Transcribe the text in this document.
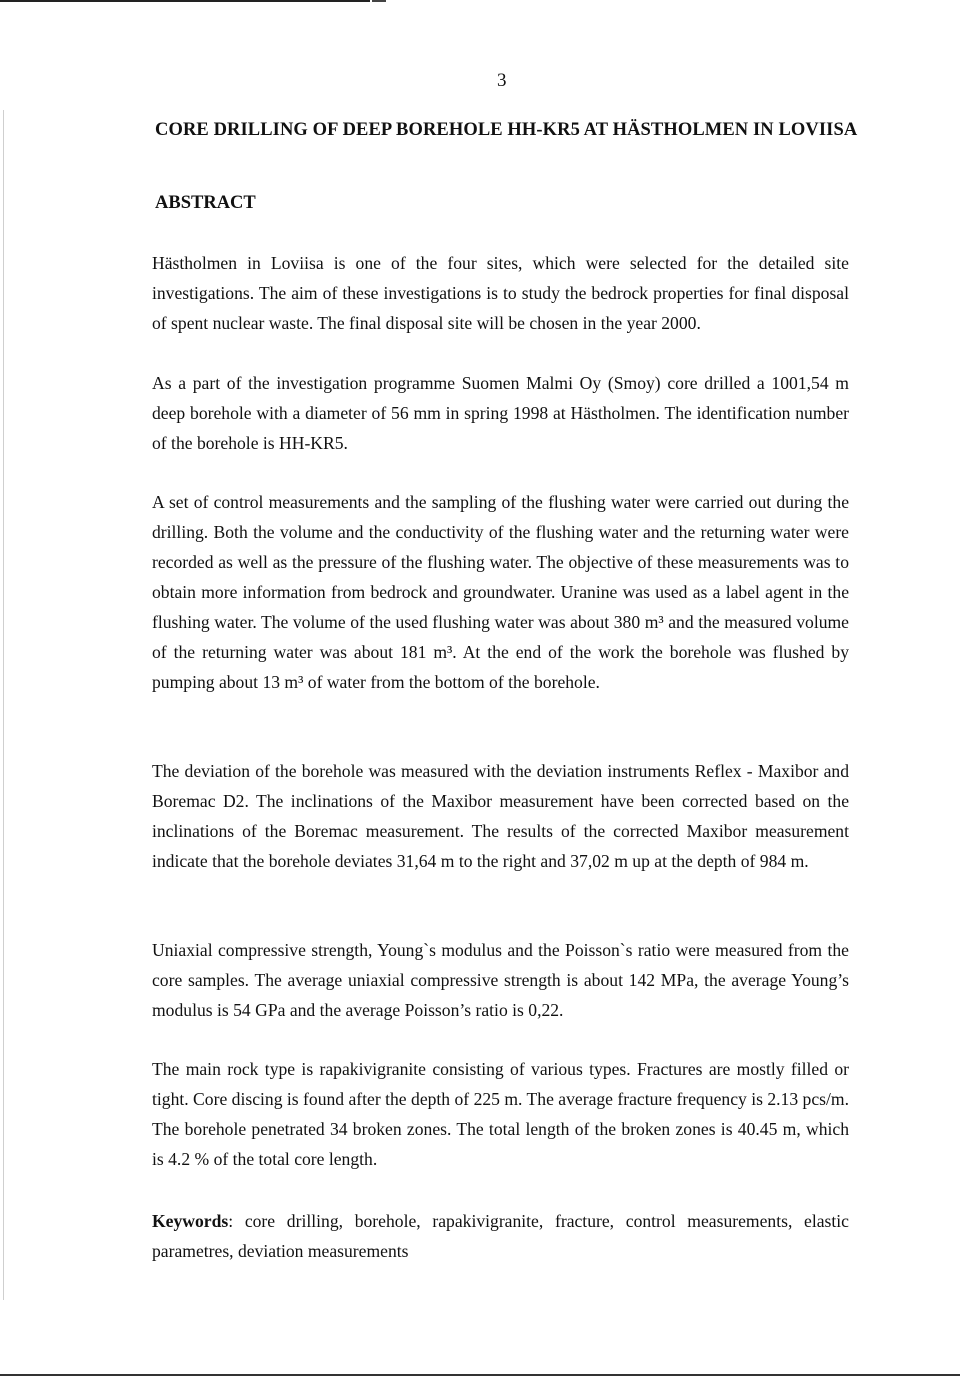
3
CORE DRILLING OF DEEP BOREHOLE HH-KR5 AT HÄSTHOLMEN IN LOVIISA
ABSTRACT

Hästholmen in Loviisa is one of the four sites, which were selected for the detailed site investigations. The aim of these investigations is to study the bedrock properties for final disposal of spent nuclear waste. The final disposal site will be chosen in the year 2000.

As a part of the investigation programme Suomen Malmi Oy (Smoy) core drilled a 1001,54 m deep borehole with a diameter of 56 mm in spring 1998 at Hästholmen. The identification number of the borehole is HH-KR5.

A set of control measurements and the sampling of the flushing water were carried out during the drilling. Both the volume and the conductivity of the flushing water and the returning water were recorded as well as the pressure of the flushing water. The objective of these measurements was to obtain more information from bedrock and groundwater. Uranine was used as a label agent in the flushing water. The volume of the used flushing water was about 380 m³ and the measured volume of the returning water was about 181 m³. At the end of the work the borehole was flushed by pumping about 13 m³ of water from the bottom of the borehole.

The deviation of the borehole was measured with the deviation instruments Reflex - Maxibor and Boremac D2. The inclinations of the Maxibor measurement have been corrected based on the inclinations of the Boremac measurement. The results of the corrected Maxibor measurement indicate that the borehole deviates 31,64 m to the right and 37,02 m up at the depth of 984 m.

Uniaxial compressive strength, Young`s modulus and the Poisson`s ratio were measured from the core samples. The average uniaxial compressive strength is about 142 MPa, the average Young’s modulus is 54 GPa and the average Poisson’s ratio is 0,22.

The main rock type is rapakivigranite consisting of various types. Fractures are mostly filled or tight. Core discing is found after the depth of 225 m. The average fracture frequency is 2.13 pcs/m. The borehole penetrated 34 broken zones. The total length of the broken zones is 40.45 m, which is 4.2 % of the total core length.

Keywords: core drilling, borehole, rapakivigranite, fracture, control measurements, elastic parametres, deviation measurements
